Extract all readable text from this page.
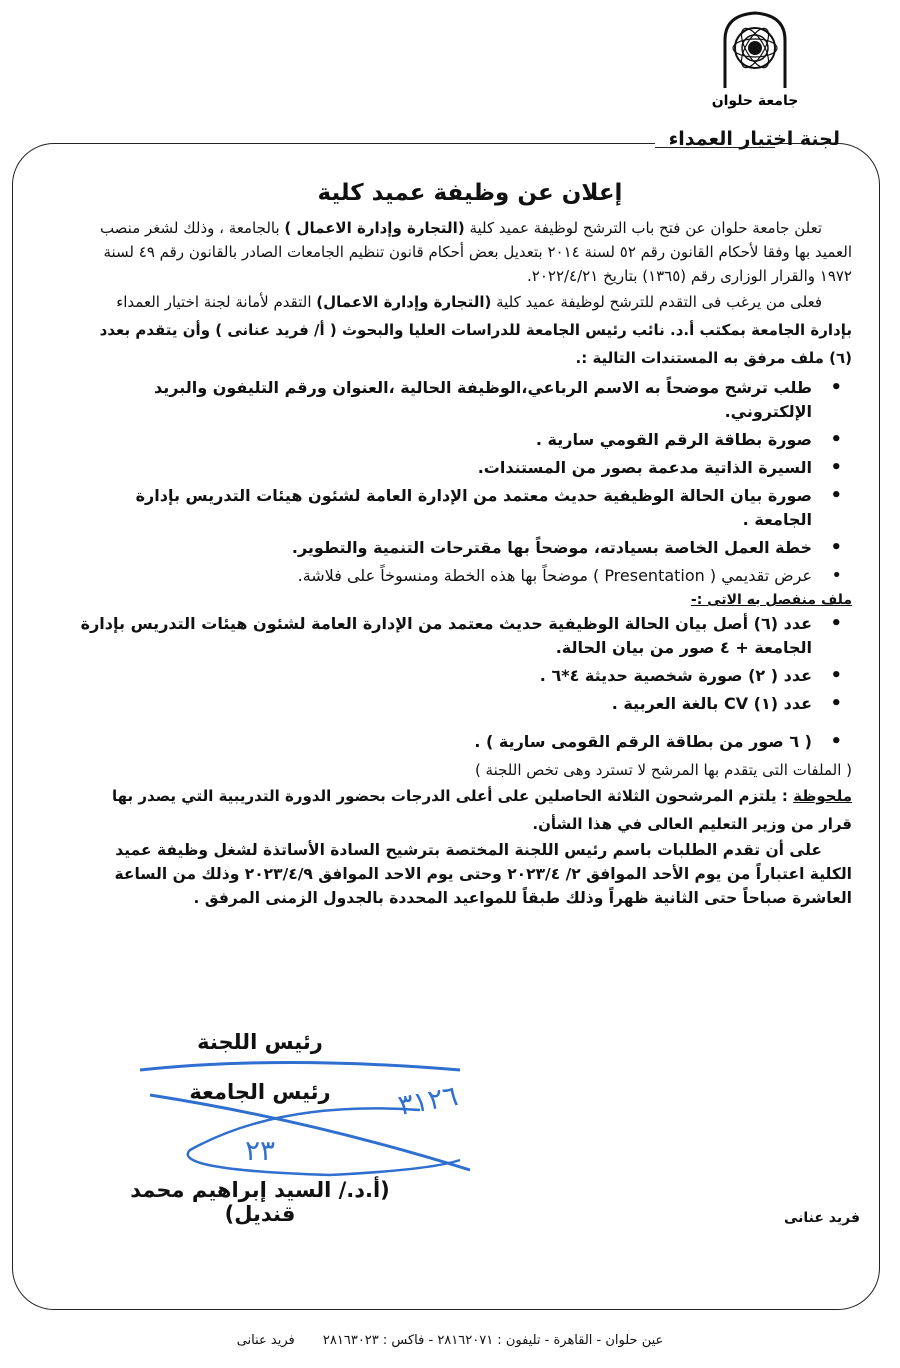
جامعة حلوان
لجنة اختيار العمداء
إعلان عن وظيفة عميد كلية

تعلن جامعة حلوان عن فتح باب الترشح لوظيفة عميد كلية (التجارة وإدارة الاعمال ) بالجامعة ، وذلك لشغر منصب العميد بها وفقا لأحكام القانون رقم ٥٢ لسنة ٢٠١٤ بتعديل بعض أحكام قانون تنظيم الجامعات الصادر بالقانون رقم ٤٩ لسنة ١٩٧٢ والقرار الوزارى رقم (١٣٦٥) بتاريخ ٢٠٢٢/٤/٢١.

فعلى من يرغب فى التقدم للترشح لوظيفة عميد كلية (التجارة وإدارة الاعمال) التقدم لأمانة لجنة اختيار العمداء بإدارة الجامعة بمكتب أ.د. نائب رئيس الجامعة للدراسات العليا والبحوث ( أ/ فريد عنانى ) وأن يتقدم بعدد (٦) ملف مرفق به المستندات التالية :.

• طلب ترشح موضحاً به الاسم الرباعي،الوظيفة الحالية ،العنوان ورقم التليفون والبريد الإلكتروني.
• صورة بطاقة الرقم القومي سارية .
• السيرة الذاتية مدعمة بصور من المستندات.
• صورة بيان الحالة الوظيفية حديث معتمد من الإدارة العامة لشئون هيئات التدريس بإدارة الجامعة .
• خطة العمل الخاصة بسيادته، موضحاً بها مقترحات التنمية والتطوير.
• عرض تقديمي ( Presentation ) موضحاً بها هذه الخطة ومنسوخاً على فلاشة.
ملف منفصل به الاتى :-
• عدد (٦) أصل بيان الحالة الوظيفية حديث معتمد من الإدارة العامة لشئون هيئات التدريس بإدارة الجامعة + ٤ صور من بيان الحالة.
• عدد ( ٢) صورة شخصية حديثة ٤*٦ .
• عدد (١) CV بالغة العربية .
• ( ٦ صور من بطاقة الرقم القومى سارية ) .

( الملفات التى يتقدم بها المرشح لا تسترد وهى تخص اللجنة )

ملحوظة : يلتزم المرشحون الثلاثة الحاصلين على أعلى الدرجات بحضور الدورة التدريبية التي يصدر بها قرار من وزير التعليم العالى في هذا الشأن.

على أن تقدم الطلبات باسم رئيس اللجنة المختصة بترشيح السادة الأساتذة لشغل وظيفة عميد الكلية اعتباراً من يوم الأحد الموافق ٢/ ٢٠٢٣/٤ وحتى يوم الاحد الموافق ٢٠٢٣/٤/٩ وذلك من الساعة العاشرة صباحاً حتى الثانية ظهراً وذلك طبقاً للمواعيد المحددة بالجدول الزمنى المرفق .

رئيس اللجنة
رئيس الجامعة	٣١٢٦
٢٣
(أ.د./ السيد إبراهيم محمد قنديل)	فريد عنانى
عين حلوان - القاهرة - تليفون : ٢٨١٦٢٠٧١ - فاكس : ٢٨١٦٣٠٢٣ فريد عنانى
